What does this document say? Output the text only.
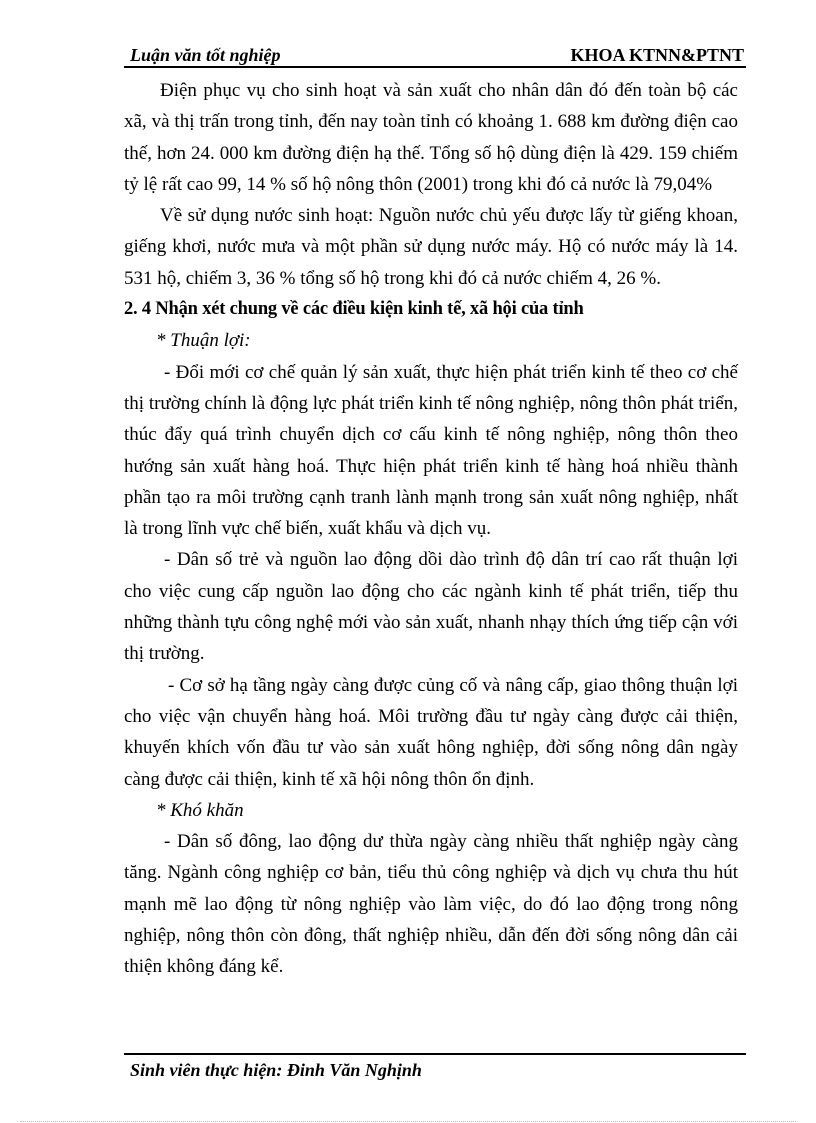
Luận văn tốt nghiệp	KHOA KTNN&PTNT

Điện phục vụ cho sinh hoạt và sản xuất cho nhân dân đó đến toàn bộ các xã, và thị trấn trong tỉnh, đến nay toàn tỉnh có khoảng 1. 688 km đường điện cao thế, hơn 24. 000 km đường điện hạ thế. Tổng số hộ dùng điện là 429. 159 chiếm tỷ lệ rất cao 99, 14 % số hộ nông thôn (2001) trong khi đó cả nước là 79,04%

Về sử dụng nước sinh hoạt: Nguồn nước chủ yếu được lấy từ giếng khoan, giếng khơi, nước mưa và một phần sử dụng nước máy. Hộ có nước máy là 14. 531 hộ, chiếm 3, 36 % tổng số hộ trong khi đó cả nước chiếm 4, 26 %.

2. 4 Nhận xét chung về các điều kiện kinh tế, xã hội của tỉnh

* Thuận lợi:

- Đổi mới cơ chế quản lý sản xuất, thực hiện phát triển kinh tế theo cơ chế thị trường chính là động lực phát triển kinh tế nông nghiệp, nông thôn phát triển, thúc đẩy quá trình chuyển dịch cơ cấu kinh tế nông nghiệp, nông thôn theo hướng sản xuất hàng hoá. Thực hiện phát triển kinh tế hàng hoá nhiều thành phần tạo ra môi trường cạnh tranh lành mạnh trong sản xuất nông nghiệp, nhất là trong lĩnh vực chế biến, xuất khẩu và dịch vụ.

- Dân số trẻ và nguồn lao động dồi dào trình độ dân trí cao rất thuận lợi cho việc cung cấp nguồn lao động cho các ngành kinh tế phát triển, tiếp thu những thành tựu công nghệ mới vào sản xuất, nhanh nhạy thích ứng tiếp cận với thị trường.

- Cơ sở hạ tầng ngày càng được củng cố và nâng cấp, giao thông thuận lợi cho việc vận chuyển hàng hoá. Môi trường đầu tư ngày càng được cải thiện, khuyến khích vốn đầu tư vào sản xuất hông nghiệp, đời sống nông dân ngày càng được cải thiện, kinh tế xã hội nông thôn ổn định.

* Khó khăn

- Dân số đông, lao động dư thừa ngày càng nhiều thất nghiệp ngày càng tăng. Ngành công nghiệp cơ bản, tiểu thủ công nghiệp và dịch vụ chưa thu hút mạnh mẽ lao động từ nông nghiệp vào làm việc, do đó lao động trong nông nghiệp, nông thôn còn đông, thất nghiệp nhiều, dẫn đến đời sống nông dân cải thiện không đáng kể.

Sinh viên thực hiện: Đinh Văn Nghịnh
